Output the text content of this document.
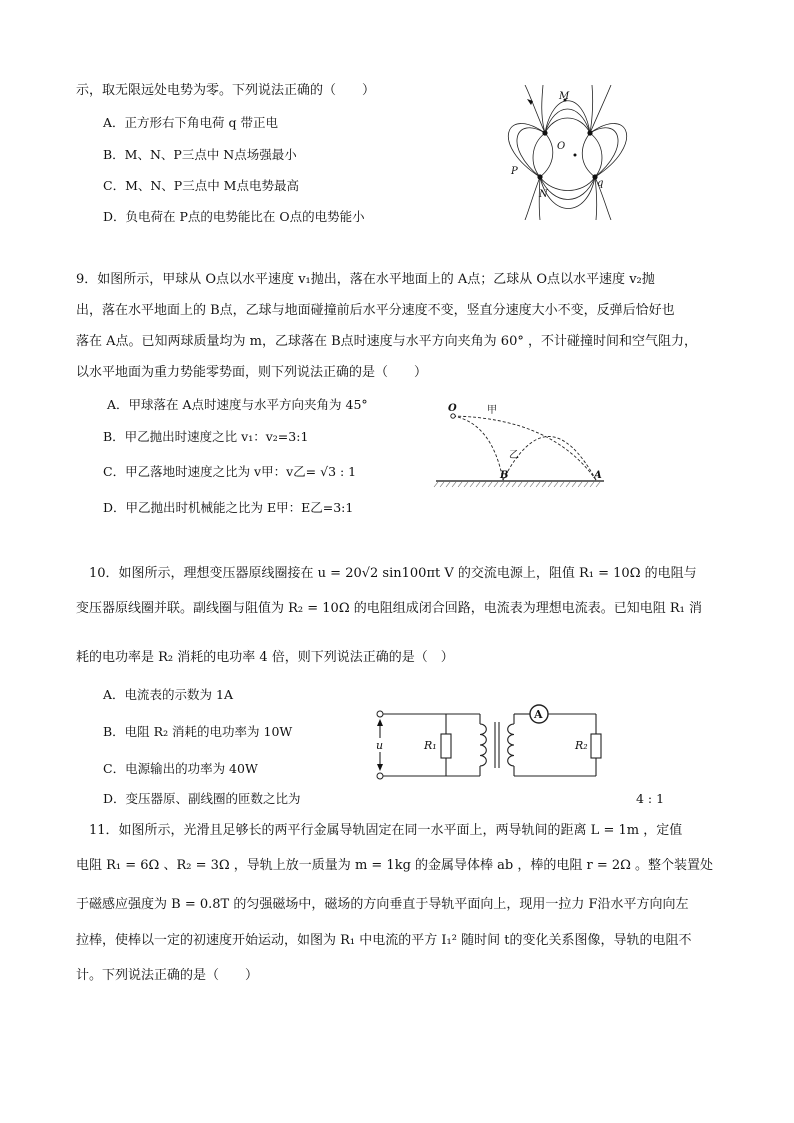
示，取无限远处电势为零。下列说法正确的（　　）
A．正方形右下角电荷 q 带正电
B．M、N、P三点中 N点场强最小
C．M、N、P三点中 M点电势最高
D．负电荷在 P点的电势能比在 O点的电势能小
M
O
P
N
q
9．如图所示，甲球从 O点以水平速度 v₁抛出，落在水平地面上的 A点；乙球从 O点以水平速度 v₂抛
出，落在水平地面上的 B点，乙球与地面碰撞前后水平分速度不变，竖直分速度大小不变，反弹后恰好也
落在 A点。已知两球质量均为 m，乙球落在 B点时速度与水平方向夹角为 60° ，不计碰撞时间和空气阻力，
以水平地面为重力势能零势面，则下列说法正确的是（　　）
A．甲球落在 A点时速度与水平方向夹角为 45°
B．甲乙抛出时速度之比 v₁：v₂=3:1
C．甲乙落地时速度之比为 v甲：v乙= √3 : 1
D．甲乙抛出时机械能之比为 E甲：E乙=3:1
O	甲
乙
B	A
10．如图所示，理想变压器原线圈接在 u = 20√2 sin100πt V 的交流电源上，阻值 R₁ = 10Ω 的电阻与
变压器原线圈并联。副线圈与阻值为 R₂ = 10Ω 的电阻组成闭合回路，电流表为理想电流表。已知电阻 R₁ 消
耗的电功率是 R₂ 消耗的电功率 4 倍，则下列说法正确的是（　）
A．电流表的示数为 1A
B．电阻 R₂ 消耗的电功率为 10W
C．电源输出的功率为 40W
D．变压器原、副线圈的匝数之比为	4 : 1
u	R₁	R₂
A
11．如图所示，光滑且足够长的两平行金属导轨固定在同一水平面上，两导轨间的距离 L = 1m ，定值
电阻 R₁ = 6Ω 、R₂ = 3Ω ，导轨上放一质量为 m = 1kg 的金属导体棒 ab ，棒的电阻 r = 2Ω 。整个装置处
于磁感应强度为 B = 0.8T 的匀强磁场中，磁场的方向垂直于导轨平面向上，现用一拉力 F沿水平方向向左
拉棒，使棒以一定的初速度开始运动，如图为 R₁ 中电流的平方 I₁² 随时间 t的变化关系图像，导轨的电阻不
计。下列说法正确的是（　　）
